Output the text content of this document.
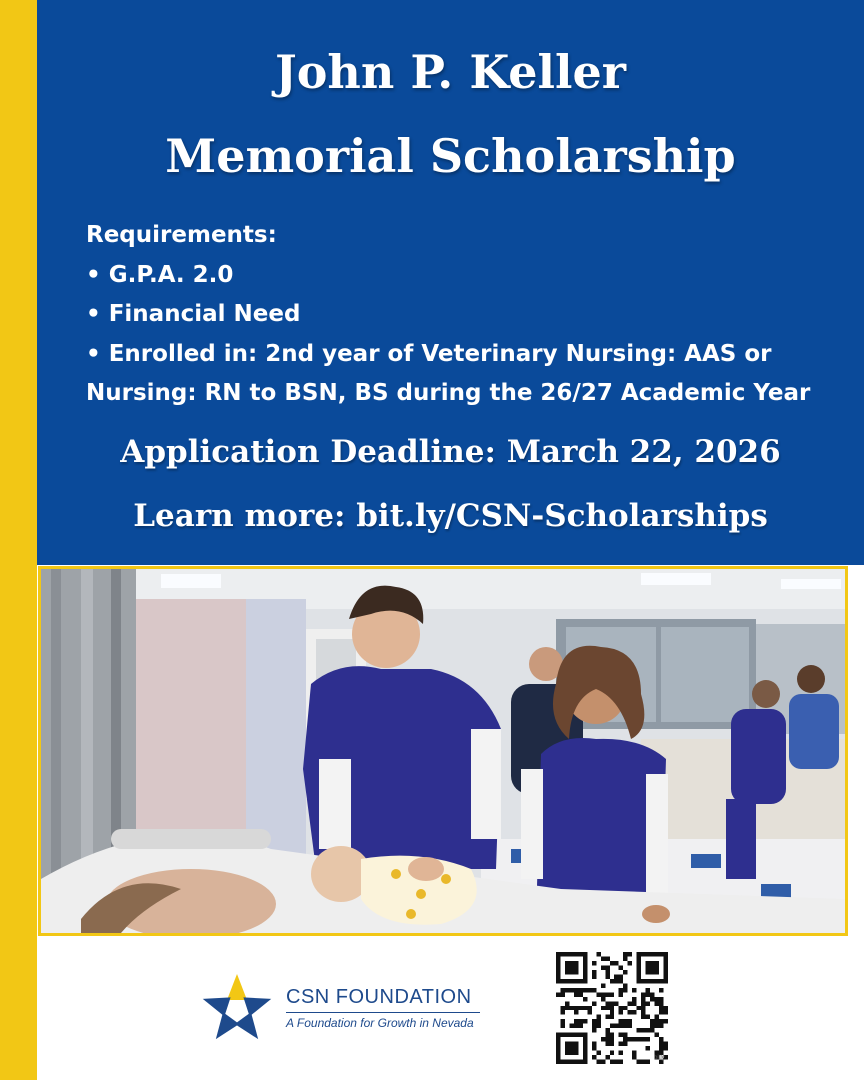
John P. Keller
Memorial Scholarship
Requirements:
• G.P.A. 2.0
• Financial Need
• Enrolled in: 2nd year of Veterinary Nursing: AAS or
Nursing: RN to BSN, BS during the 26/27 Academic Year
Application Deadline: March 22, 2026
Learn more: bit.ly/CSN-Scholarships
CSN FOUNDATION
A Foundation for Growth in Nevada
bitly
